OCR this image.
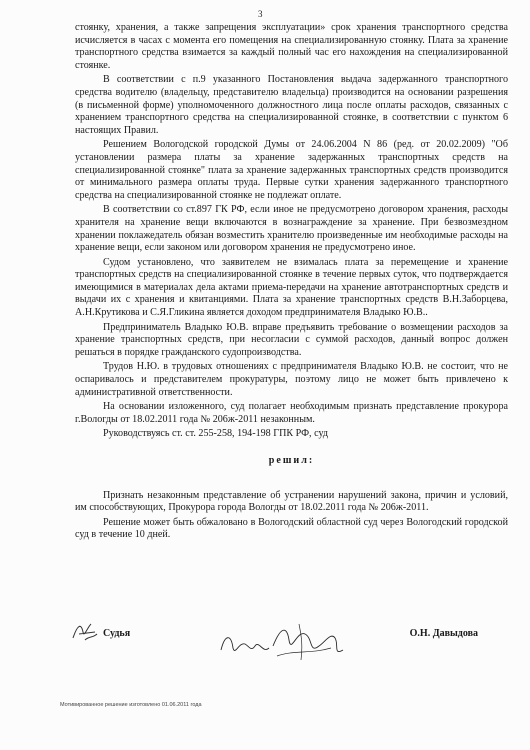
3

стоянку, хранения, а также запрещения эксплуатации» срок хранения транспортного средства исчисляется в часах с момента его помещения на специализированную стоянку. Плата за хранение транспортного средства взимается за каждый полный час его нахождения на специализированной стоянке.

В соответствии с п.9 указанного Постановления выдача задержанного транспортного средства водителю (владельцу, представителю владельца) производится на основании разрешения (в письменной форме) уполномоченного должностного лица после оплаты расходов, связанных с хранением транспортного средства на специализированной стоянке, в соответствии с пунктом 6 настоящих Правил.

Решением Вологодской городской Думы от 24.06.2004 N 86 (ред. от 20.02.2009) "Об установлении размера платы за хранение задержанных транспортных средств на специализированной стоянке" плата за хранение задержанных транспортных средств производится от минимального размера оплаты труда. Первые сутки хранения задержанного транспортного средства на специализированной стоянке не подлежат оплате.

В соответствии со ст.897 ГК РФ, если иное не предусмотрено договором хранения, расходы хранителя на хранение вещи включаются в вознаграждение за хранение. При безвозмездном хранении поклажедатель обязан возместить хранителю произведенные им необходимые расходы на хранение вещи, если законом или договором хранения не предусмотрено иное.

Судом установлено, что заявителем не взималась плата за перемещение и хранение транспортных средств на специализированной стоянке в течение первых суток, что подтверждается имеющимися в материалах дела актами приема-передачи на хранение автотранспортных средств и выдачи их с хранения и квитанциями. Плата за хранение транспортных средств В.Н.Заборцева, А.Н.Крутикова и С.Я.Гликина является доходом предпринимателя Владыко Ю.В..

Предприниматель Владыко Ю.В. вправе предъявить требование о возмещении расходов за хранение транспортных средств, при несогласии с суммой расходов, данный вопрос должен решаться в порядке гражданского судопроизводства.

Трудов Н.Ю. в трудовых отношениях с предпринимателя Владыко Ю.В. не состоит, что не оспаривалось и представителем прокуратуры, поэтому лицо не может быть привлечено к административной ответственности.

На основании изложенного, суд полагает необходимым признать представление прокурора г.Вологды от 18.02.2011 года № 206ж-2011 незаконным.

Руководствуясь ст. ст. 255-258, 194-198 ГПК РФ, суд

решил:

Признать незаконным представление об устранении нарушений закона, причин и условий, им способствующих, Прокурора города Вологды от 18.02.2011 года № 206ж-2011.

Решение может быть обжаловано в Вологодский областной суд через Вологодский городской суд в течение 10 дней.

Судья	О.Н. Давыдова
Мотивированное решение изготовлено 01.06.2011 года
